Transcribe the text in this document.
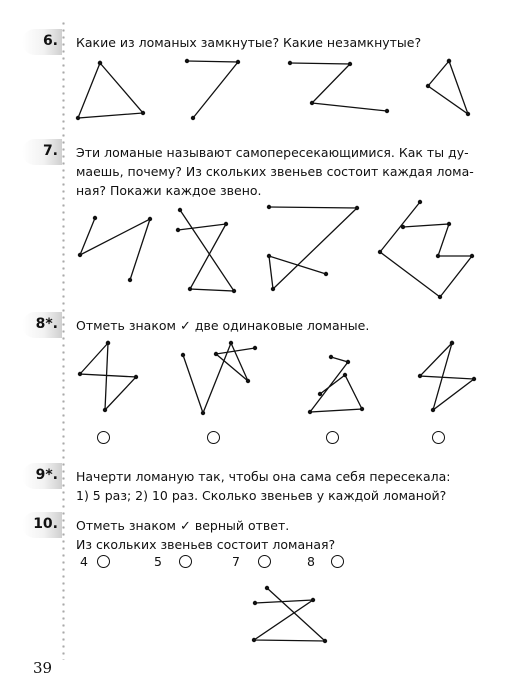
6. Какие из ломаных замкнутые? Какие незамкнутые?
7. Эти ломаные называют самопересекающимися. Как ты ду-
маешь, почему? Из скольких звеньев состоит каждая лома-
ная? Покажи каждое звено.
8*. Отметь знаком ✓ две одинаковые ломаные.
9*. Начерти ломаную так, чтобы она сама себя пересекала:
1) 5 раз; 2) 10 раз. Сколько звеньев у каждой ломаной?
10. Отметь знаком ✓ верный ответ.
Из скольких звеньев состоит ломаная?
4	5	7	8
39
